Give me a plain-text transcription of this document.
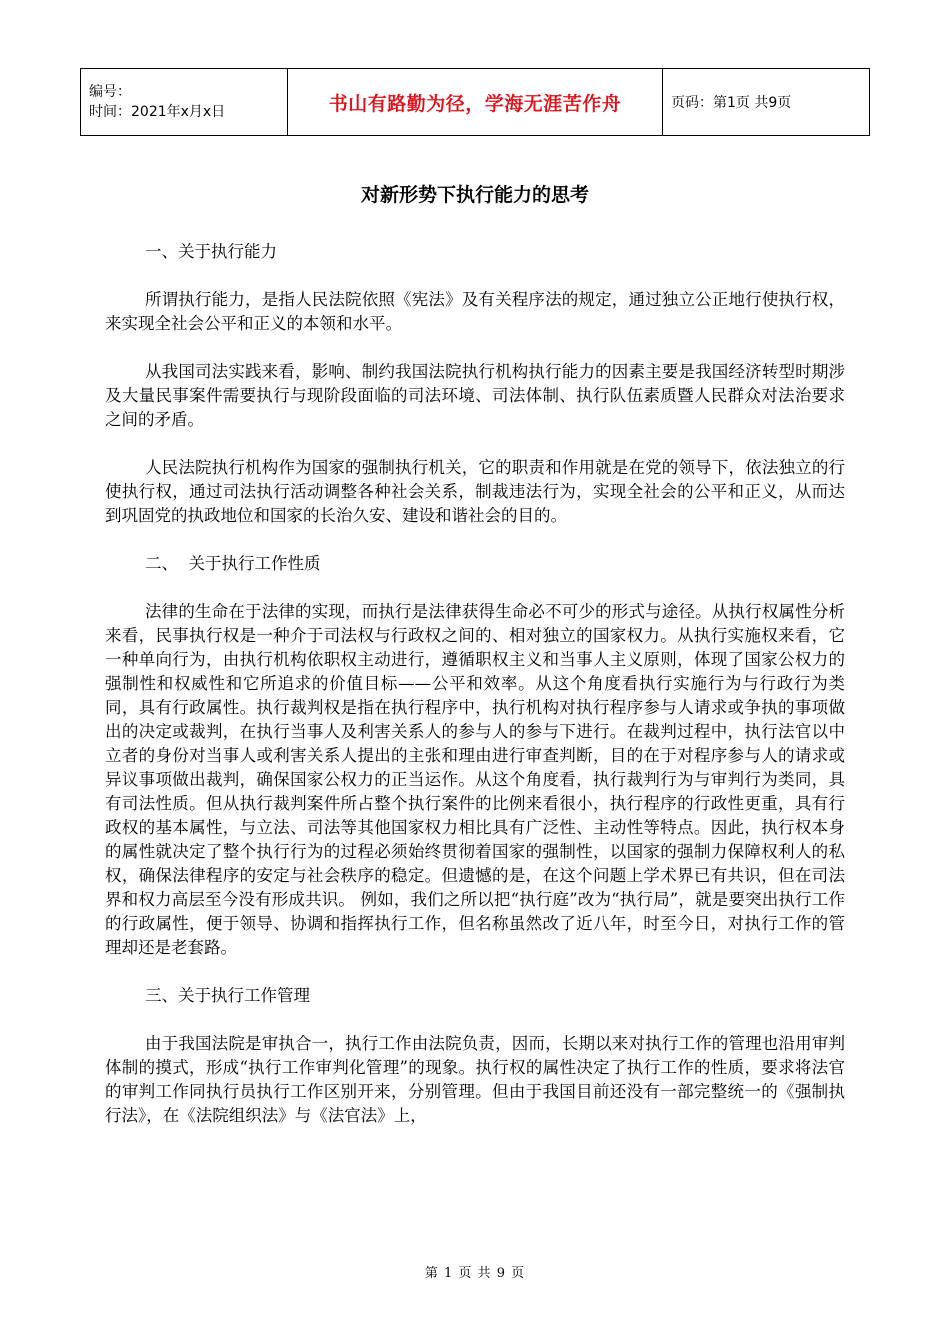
编号：
时间：2021年x月x日	书山有路勤为径，学海无涯苦作舟	页码：第1页 共9页
对新形势下执行能力的思考

一、关于执行能力

所谓执行能力，是指人民法院依照《宪法》及有关程序法的规定，通过独立公正地行使执行权，来实现全社会公平和正义的本领和水平。

从我国司法实践来看，影响、制约我国法院执行机构执行能力的因素主要是我国经济转型时期涉及大量民事案件需要执行与现阶段面临的司法环境、司法体制、执行队伍素质暨人民群众对法治要求之间的矛盾。

人民法院执行机构作为国家的强制执行机关，它的职责和作用就是在党的领导下，依法独立的行使执行权，通过司法执行活动调整各种社会关系，制裁违法行为，实现全社会的公平和正义，从而达到巩固党的执政地位和国家的长治久安、建设和谐社会的目的。

二、  关于执行工作性质

法律的生命在于法律的实现，而执行是法律获得生命必不可少的形式与途径。从执行权属性分析来看，民事执行权是一种介于司法权与行政权之间的、相对独立的国家权力。从执行实施权来看，它一种单向行为，由执行机构依职权主动进行，遵循职权主义和当事人主义原则，体现了国家公权力的强制性和权威性和它所追求的价值目标——公平和效率。从这个角度看执行实施行为与行政行为类同，具有行政属性。执行裁判权是指在执行程序中，执行机构对执行程序参与人请求或争执的事项做出的决定或裁判，在执行当事人及利害关系人的参与人的参与下进行。在裁判过程中，执行法官以中立者的身份对当事人或利害关系人提出的主张和理由进行审查判断，目的在于对程序参与人的请求或异议事项做出裁判，确保国家公权力的正当运作。从这个角度看，执行裁判行为与审判行为类同，具有司法性质。但从执行裁判案件所占整个执行案件的比例来看很小，执行程序的行政性更重，具有行政权的基本属性，与立法、司法等其他国家权力相比具有广泛性、主动性等特点。因此，执行权本身的属性就决定了整个执行行为的过程必须始终贯彻着国家的强制性，以国家的强制力保障权利人的私权，确保法律程序的安定与社会秩序的稳定。但遗憾的是，在这个问题上学术界已有共识，但在司法界和权力高层至今没有形成共识。 例如，我们之所以把“执行庭”改为“执行局”，就是要突出执行工作的行政属性，便于领导、协调和指挥执行工作，但名称虽然改了近八年，时至今日，对执行工作的管理却还是老套路。

三、关于执行工作管理

由于我国法院是审执合一，执行工作由法院负责，因而，长期以来对执行工作的管理也沿用审判体制的摸式，形成“执行工作审判化管理”的现象。执行权的属性决定了执行工作的性质，要求将法官的审判工作同执行员执行工作区别开来，分别管理。但由于我国目前还没有一部完整统一的《强制执行法》，在《法院组织法》与《法官法》上，

第 1 页 共 9 页
